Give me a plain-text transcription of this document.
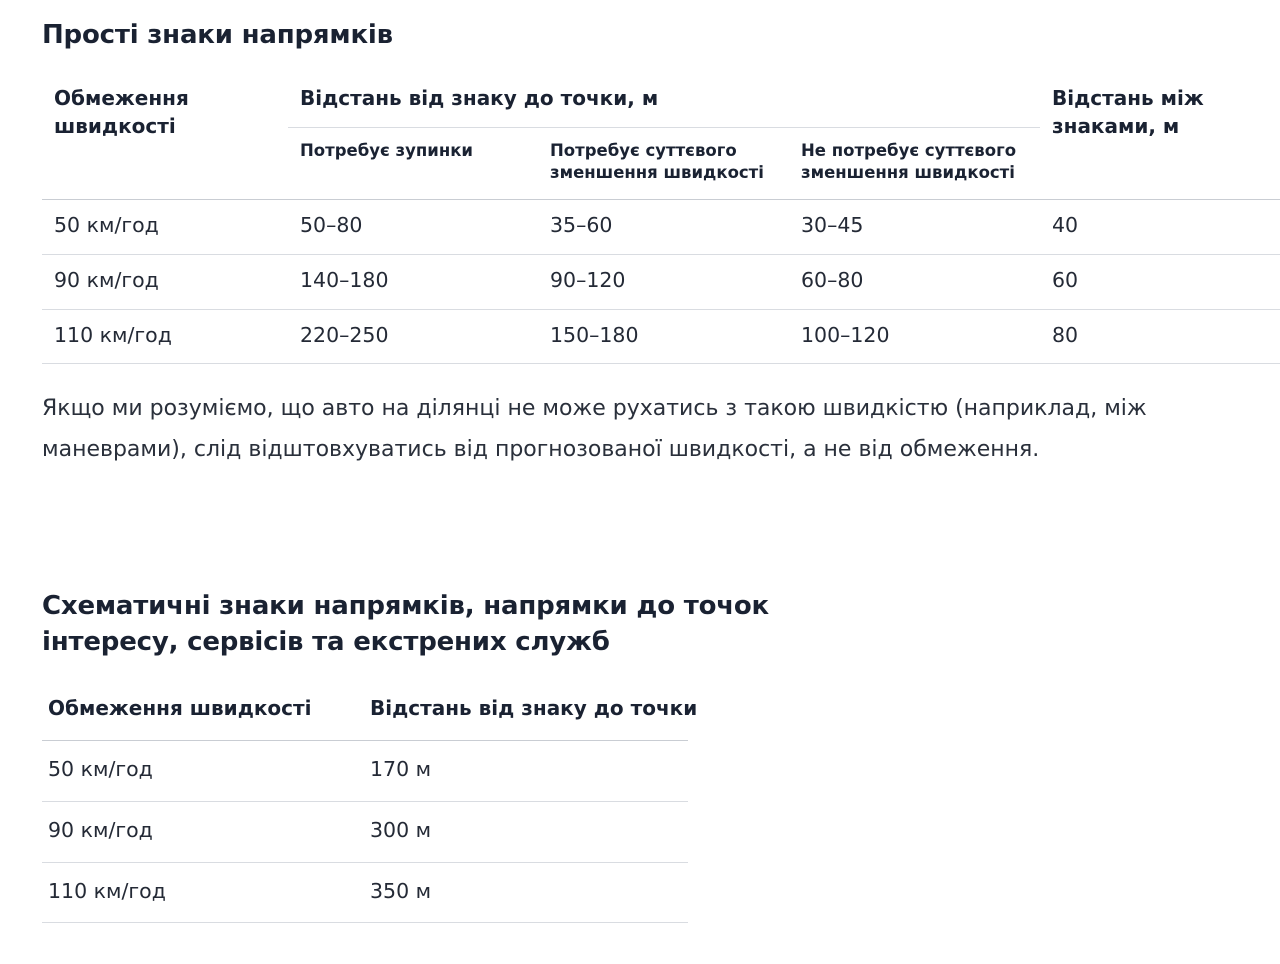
Прості знаки напрямків
Обмеження швидкості
Відстань від знаку до точки, м	Відстань між знаками, м
Потребує зупинки	Потребує суттєвого зменшення швидкості
Не потребує суттєвого зменшення швидкості
50 км/год	50–80	35–60	30–45	40
90 км/год	140–180	90–120	60–80	60
110 км/год	220–250	150–180	100–120	80

Якщо ми розуміємо, що авто на ділянці не може рухатись з такою швидкістю (наприклад, між маневрами), слід відштовхуватись від прогнозованої швидкості, а не від обмеження.

Схематичні знаки напрямків, напрямки до точок інтересу, сервісів та екстрених служб
Обмеження швидкості	Відстань від знаку до точки
50 км/год	170 м
90 км/год	300 м
110 км/год	350 м
